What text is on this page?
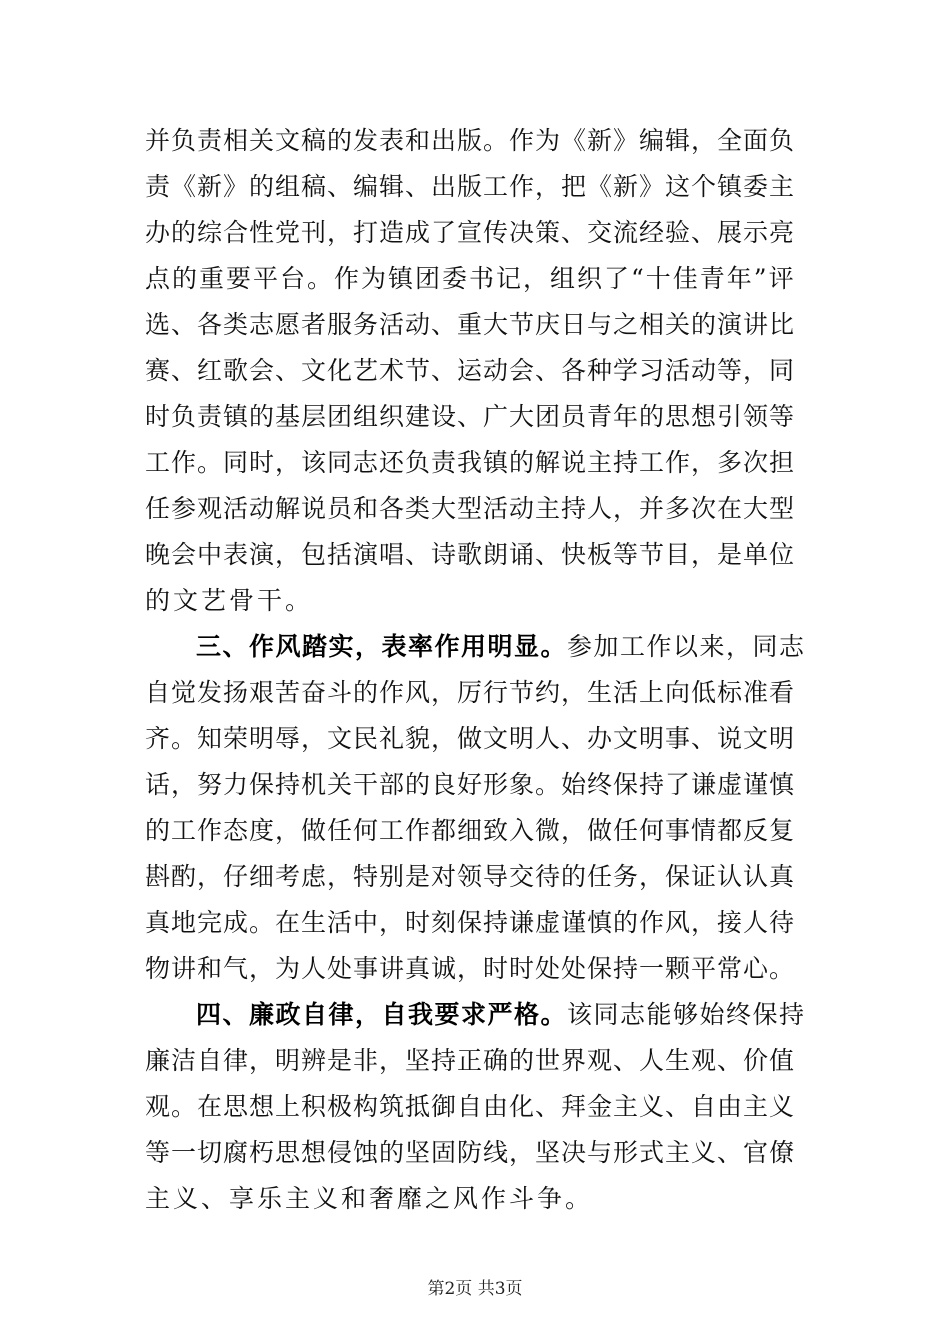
并负责相关文稿的发表和出版。作为《新》编辑，全面负
责《新》的组稿、编辑、出版工作，把《新》这个镇委主
办的综合性党刊，打造成了宣传决策、交流经验、展示亮
点的重要平台。作为镇团委书记，组织了“十佳青年”评
选、各类志愿者服务活动、重大节庆日与之相关的演讲比
赛、红歌会、文化艺术节、运动会、各种学习活动等，同
时负责镇的基层团组织建设、广大团员青年的思想引领等
工作。同时，该同志还负责我镇的解说主持工作，多次担
任参观活动解说员和各类大型活动主持人，并多次在大型
晚会中表演，包括演唱、诗歌朗诵、快板等节目，是单位
的文艺骨干。
三、作风踏实，表率作用明显。参加工作以来，同志
自觉发扬艰苦奋斗的作风，厉行节约，生活上向低标准看
齐。知荣明辱，文民礼貌，做文明人、办文明事、说文明
话，努力保持机关干部的良好形象。始终保持了谦虚谨慎
的工作态度，做任何工作都细致入微，做任何事情都反复
斟酌，仔细考虑，特别是对领导交待的任务，保证认认真
真地完成。在生活中，时刻保持谦虚谨慎的作风，接人待
物讲和气，为人处事讲真诚，时时处处保持一颗平常心。
四、廉政自律，自我要求严格。该同志能够始终保持
廉洁自律，明辨是非，坚持正确的世界观、人生观、价值
观。在思想上积极构筑抵御自由化、拜金主义、自由主义
等一切腐朽思想侵蚀的坚固防线，坚决与形式主义、官僚
主义、享乐主义和奢靡之风作斗争。
第2页 共3页
